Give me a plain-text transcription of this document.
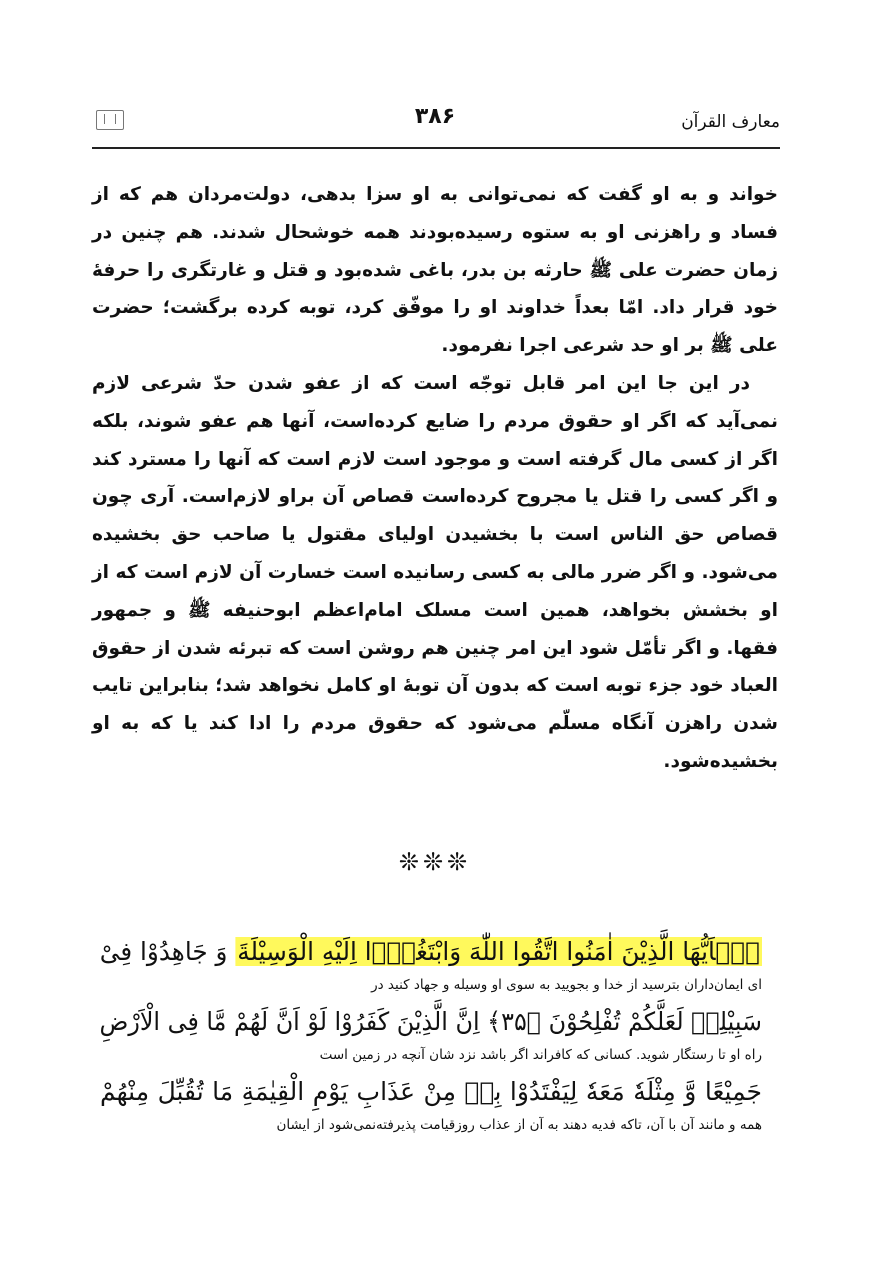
۳۸۶	معارف القرآن

خواند و به او گفت که نمی‌توانی به او سزا بدهی، دولت‌مردان هم که از فساد و راهزنی او به ستوه رسیده‌بودند همه خوشحال شدند. هم چنین در زمان حضرت علی ﷺ حارثه بن بدر، باغی شده‌بود و قتل و غارتگری را حرفۀ خود قرار داد. امّا بعداً خداوند او را موفّق کرد، توبه کرده برگشت؛ حضرت علی ﷺ بر او حد شرعی اجرا نفرمود.

در این جا این امر قابل توجّه است که از عفو شدن حدّ شرعی لازم نمی‌آید که اگر او حقوق مردم را ضایع کرده‌است، آنها هم عفو شوند، بلکه اگر از کسی مال گرفته است و موجود است لازم است که آنها را مسترد کند و اگر کسی را قتل یا مجروح کرده‌است قصاص آن براو لازم‌است. آری چون قصاص حق الناس است با بخشیدن اولیای مقتول یا صاحب حق بخشیده می‌شود. و اگر ضرر مالی به کسی رسانیده است خسارت آن لازم است که از او بخشش بخواهد، همین است مسلک امام‌اعظم ابوحنیفه ﷺ و جمهور فقها. و اگر تأمّل شود این امر چنین هم روشن است که تبرئه شدن از حقوق العباد خود جزء توبه است که بدون آن توبۀ او کامل نخواهد شد؛ بنابراین تایب شدن راهزن آنگاه مسلّم می‌شود که حقوق مردم را ادا کند یا که به او بخشیده‌شود.

❊❊❊
يٰۤاَيُّهَا الَّذِيْنَ اٰمَنُوا اتَّقُوا اللّٰهَ وَابْتَغُوْۤا اِلَيْهِ الْوَسِيْلَةَ وَ جَاهِدُوْا فِىْ
ای ایمان‌داران بترسید از خدا و بجویید به سوی او وسیله و جهاد کنید در
سَبِيْلِهٖ لَعَلَّكُمْ تُفْلِحُوْنَ ﴿۳۵﴾ اِنَّ الَّذِيْنَ كَفَرُوْا لَوْ اَنَّ لَهُمْ مَّا فِى الْاَرْضِ
راه او تا رستگار شوید. کسانی که کافراند اگر باشد نزد شان آنچه در زمین است
جَمِيْعًا وَّ مِثْلَهٗ مَعَهٗ لِيَفْتَدُوْا بِهٖ مِنْ عَذَابِ يَوْمِ الْقِيٰمَةِ مَا تُقُبِّلَ مِنْهُمْ
همه و مانند آن با آن، تاکه فدیه دهند به آن از عذاب روزقیامت پذیرفته‌نمی‌شود از ایشان
